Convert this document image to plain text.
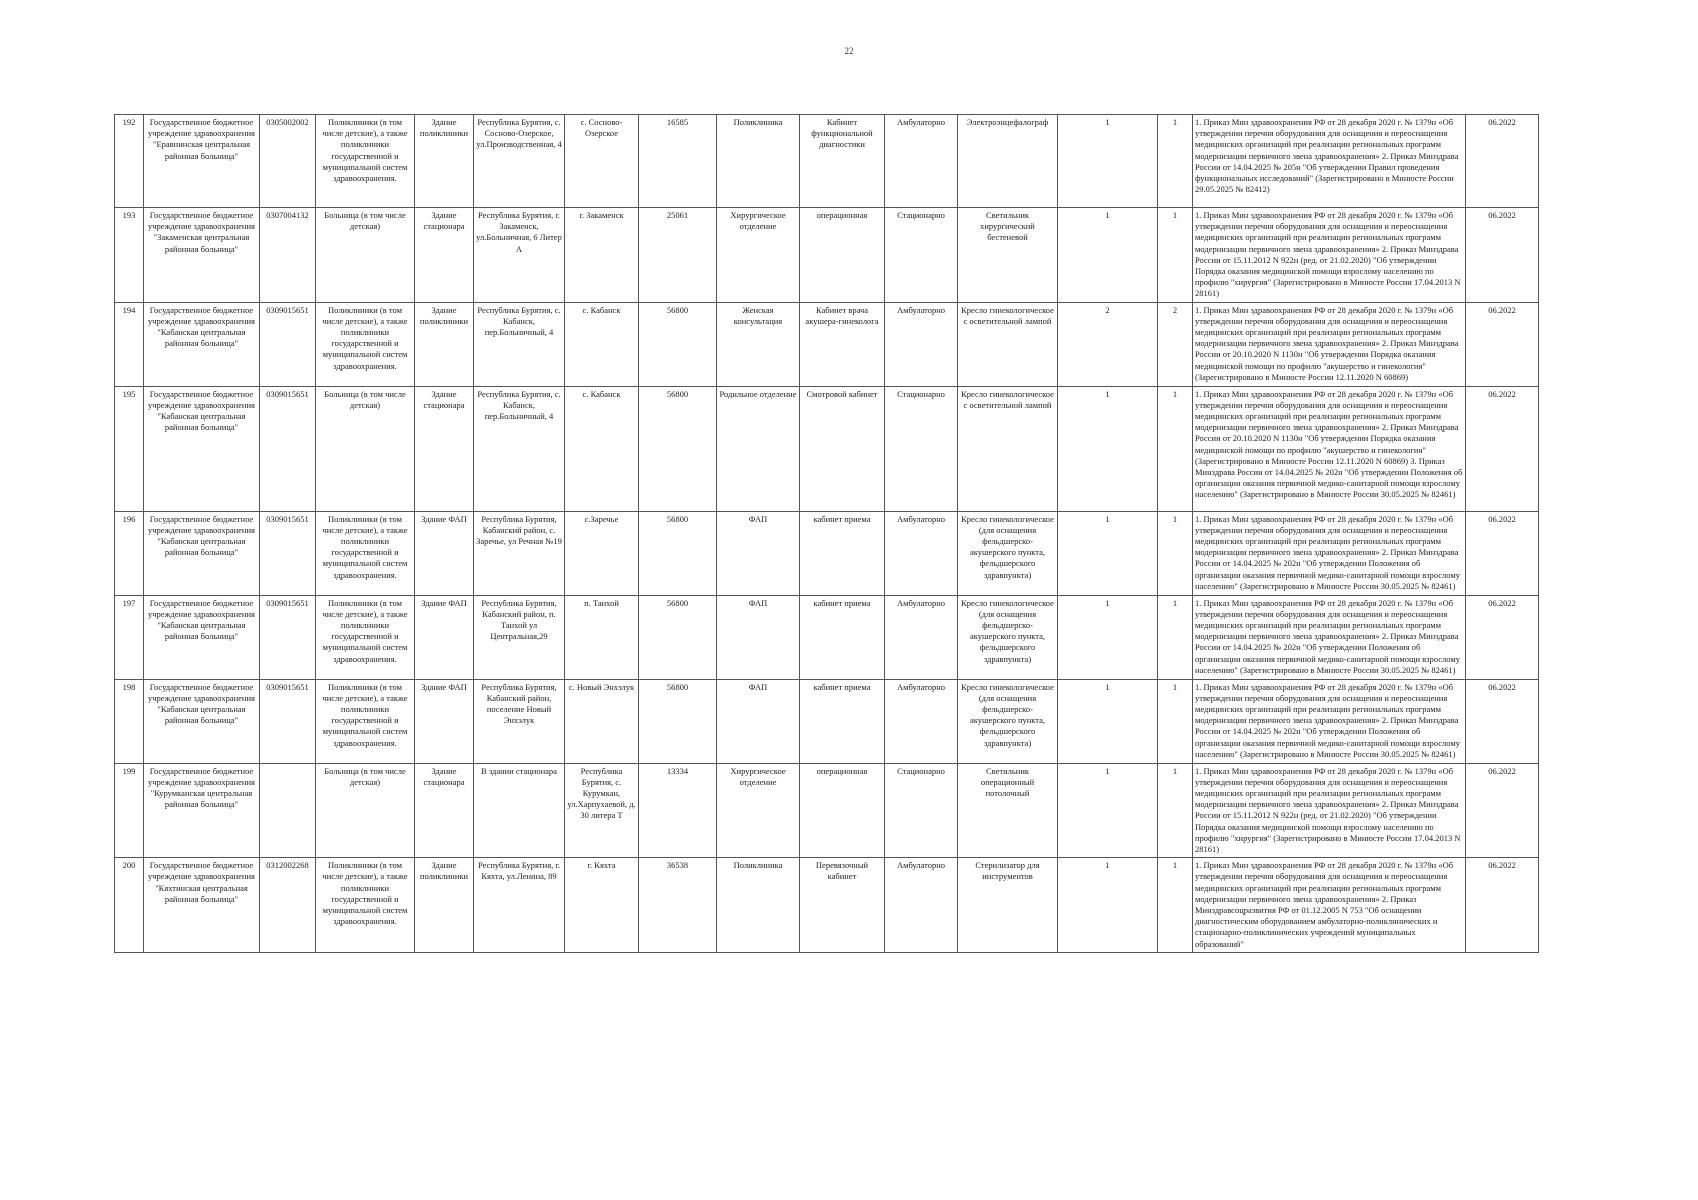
22
192	Государственное бюджетное учреждение здравоохранения "Еравнинская центральная районная больница"	0305002002	Поликлиники (в том числе детские), а также поликлиники государственной и муниципальной систем здравоохранения.	Здание поликлиники	Республика Бурятия, с. Сосново-Озерское, ул.Производственная, 4	с. Сосново-Озерское	16585	Поликлиника	Кабинет функциональной диагностики	Амбулаторно	Электроэнцефалограф	1	1	1. Приказ Мин здравоохранения РФ от 28 декабря 2020 г. № 1379н «Об утверждении перечня оборудования для оснащения и переоснащения медицинских организаций при реализации региональных программ модернизации первичного звена здравоохранения» 2. Приказ Минздрава России от 14.04.2025 № 205н "Об утверждении Правил проведения функциональных исследований" (Зарегистрировано в Минюсте России 29.05.2025 № 82412)	06.2022
193	Государственное бюджетное учреждение здравоохранения "Закаменская центральная районная больница"	0307004132	Больница (в том числе детская)	Здание стационара	Республика Бурятия, г. Закаменск, ул.Больничная, 6 Литер А	г. Закаменск	25061	Хирургическое отделение	операционная	Стационарно	Светильник хирургический бестеневой	1	1	1. Приказ Мин здравоохранения РФ от 28 декабря 2020 г. № 1379н «Об утверждении перечня оборудования для оснащения и переоснащения медицинских организаций при реализации региональных программ модернизации первичного звена здравоохранения» 2. Приказ Минздрава России от 15.11.2012 N 922н (ред. от 21.02.2020) "Об утверждении Порядка оказания медицинской помощи взрослому населению по профилю "хирургия" (Зарегистрировано в Минюсте России 17.04.2013 N 28161)	06.2022
194	Государственное бюджетное учреждение здравоохранения "Кабанская центральная районная больница"	0309015651	Поликлиники (в том числе детские), а также поликлиники государственной и муниципальной систем здравоохранения.	Здание поликлиники	Республика Бурятия, с. Кабанск, пер.Больничный, 4	с. Кабанск	56800	Женская консультация	Кабинет врача акушера-гинеколога	Амбулаторно	Кресло гинекологическое с осветительной лампой	2	2	1. Приказ Мин здравоохранения РФ от 28 декабря 2020 г. № 1379н «Об утверждении перечня оборудования для оснащения и переоснащения медицинских организаций при реализации региональных программ модернизации первичного звена здравоохранения» 2. Приказ Минздрава России от 20.10.2020 N 1130н "Об утверждении Порядка оказания медицинской помощи по профилю "акушерство и гинекология" (Зарегистрировано в Минюсте России 12.11.2020 N 60869)	06.2022
195	Государственное бюджетное учреждение здравоохранения "Кабанская центральная районная больница"	0309015651	Больница (в том числе детская)	Здание стационара	Республика Бурятия, с. Кабанск, пер.Больничный, 4	с. Кабанск	56800	Родильное отделение	Смотровой кабинет	Стационарно	Кресло гинекологическое с осветительной лампой	1	1	1. Приказ Мин здравоохранения РФ от 28 декабря 2020 г. № 1379н «Об утверждении перечня оборудования для оснащения и переоснащения медицинских организаций при реализации региональных программ модернизации первичного звена здравоохранения» 2. Приказ Минздрава России от 20.10.2020 N 1130н "Об утверждении Порядка оказания медицинской помощи по профилю "акушерство и гинекология" (Зарегистрировано в Минюсте России 12.11.2020 N 60869) 3. Приказ Минздрава России от 14.04.2025 № 202н "Об утверждении Положения об организации оказания первичной медико-санитарной помощи взрослому населению" (Зарегистрировано в Минюсте России 30.05.2025 № 82461)	06.2022
196	Государственное бюджетное учреждение здравоохранения "Кабанская центральная районная больница"	0309015651	Поликлиники (в том числе детские), а также поликлиники государственной и муниципальной систем здравоохранения.	Здание ФАП	Республика Бурятия, Кабанский район, с. Заречье, ул Речная №19	с.Заречье	56800	ФАП	кабинет приема	Амбулаторно	Кресло гинекологическое (для оснащения фельдшерско-акушерского пункта, фельдшерского здравпункта)	1	1	1. Приказ Мин здравоохранения РФ от 28 декабря 2020 г. № 1379н «Об утверждении перечня оборудования для оснащения и переоснащения медицинских организаций при реализации региональных программ модернизации первичного звена здравоохранения» 2. Приказ Минздрава России от 14.04.2025 № 202н "Об утверждении Положения об организации оказания первичной медико-санитарной помощи взрослому населению" (Зарегистрировано в Минюсте России 30.05.2025 № 82461)	06.2022
197	Государственное бюджетное учреждение здравоохранения "Кабанская центральная районная больница"	0309015651	Поликлиники (в том числе детские), а также поликлиники государственной и муниципальной систем здравоохранения.	Здание ФАП	Республика Бурятия, Кабанский район, п. Танхой ул Центральная,29	п. Танхой	56800	ФАП	кабинет приема	Амбулаторно	Кресло гинекологическое (для оснащения фельдшерско-акушерского пункта, фельдшерского здравпункта)	1	1	1. Приказ Мин здравоохранения РФ от 28 декабря 2020 г. № 1379н «Об утверждении перечня оборудования для оснащения и переоснащения медицинских организаций при реализации региональных программ модернизации первичного звена здравоохранения» 2. Приказ Минздрава России от 14.04.2025 № 202н "Об утверждении Положения об организации оказания первичной медико-санитарной помощи взрослому населению" (Зарегистрировано в Минюсте России 30.05.2025 № 82461)	06.2022
198	Государственное бюджетное учреждение здравоохранения "Кабанская центральная районная больница"	0309015651	Поликлиники (в том числе детские), а также поликлиники государственной и муниципальной систем здравоохранения.	Здание ФАП	Республика Бурятия, Кабанский район, поселение Новый Энхэлук	с. Новый Энхэлук	56800	ФАП	кабинет приема	Амбулаторно	Кресло гинекологическое (для оснащения фельдшерско-акушерского пункта, фельдшерского здравпункта)	1	1	1. Приказ Мин здравоохранения РФ от 28 декабря 2020 г. № 1379н «Об утверждении перечня оборудования для оснащения и переоснащения медицинских организаций при реализации региональных программ модернизации первичного звена здравоохранения» 2. Приказ Минздрава России от 14.04.2025 № 202н "Об утверждении Положения об организации оказания первичной медико-санитарной помощи взрослому населению" (Зарегистрировано в Минюсте России 30.05.2025 № 82461)	06.2022
199	Государственное бюджетное учреждение здравоохранения "Курумканская центральная районная больница"		Больница (в том числе детская)	Здание стационара	В здании стационара	Республика Бурятия, с. Курумкан, ул.Харпухаевой, д. 30 литера Т	13334	Хирургическое отделение	операционная	Стационарно	Светильник операционный потолочный	1	1	1. Приказ Мин здравоохранения РФ от 28 декабря 2020 г. № 1379н «Об утверждении перечня оборудования для оснащения и переоснащения медицинских организаций при реализации региональных программ модернизации первичного звена здравоохранения» 2. Приказ Минздрава России от 15.11.2012 N 922н (ред. от 21.02.2020) "Об утверждении Порядка оказания медицинской помощи взрослому населению по профилю "хирургия" (Зарегистрировано в Минюсте России 17.04.2013 N 28161)	06.2022
200	Государственное бюджетное учреждение здравоохранения "Кяхтинская центральная районная больница"	0312002268	Поликлиники (в том числе детские), а также поликлиники государственной и муниципальной систем здравоохранения.	Здание поликлиники	Республика Бурятия, г. Кяхта, ул.Ленина, 89	г. Кяхта	36538	Поликлиника	Перевязочный кабинет	Амбулаторно	Стерилизатор для инструментов	1	1	1. Приказ Мин здравоохранения РФ от 28 декабря 2020 г. № 1379н «Об утверждении перечня оборудования для оснащения и переоснащения медицинских организаций при реализации региональных программ модернизации первичного звена здравоохранения» 2. Приказ Минздравсоцразвития РФ от 01.12.2005 N 753 "Об оснащении диагностическим оборудованием амбулаторно-поликлинических и стационарно-поликлинических учреждений муниципальных образований"	06.2022
